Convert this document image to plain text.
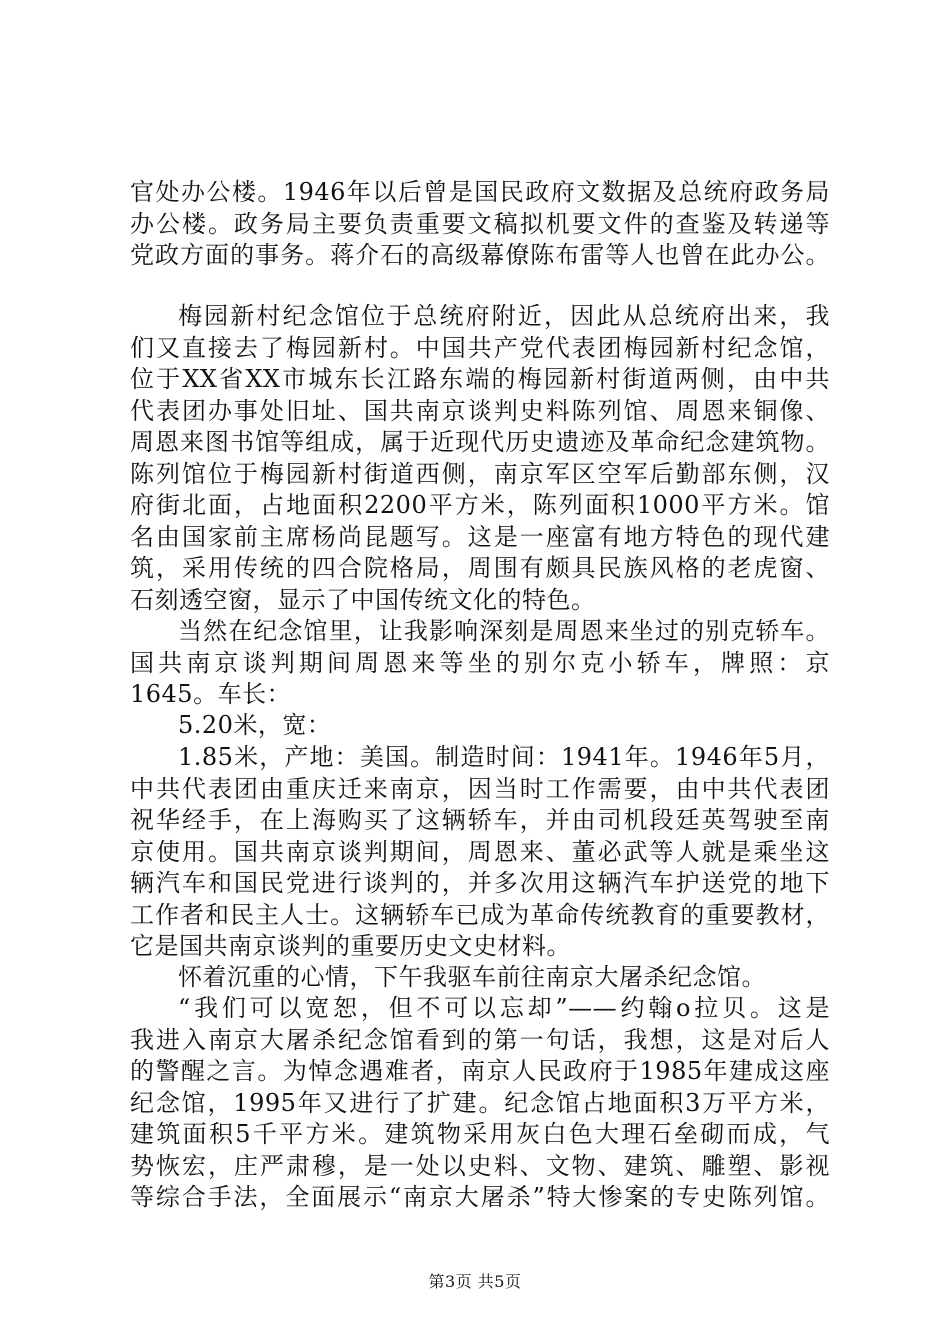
官处办公楼。1946年以后曾是国民政府文数据及总统府政务局
办公楼。政务局主要负责重要文稿拟机要文件的查鉴及转递等
党政方面的事务。蒋介石的高级幕僚陈布雷等人也曾在此办公。
梅园新村纪念馆位于总统府附近，因此从总统府出来，我
们又直接去了梅园新村。中国共产党代表团梅园新村纪念馆，
位于XX省XX市城东长江路东端的梅园新村街道两侧，由中共
代表团办事处旧址、国共南京谈判史料陈列馆、周恩来铜像、
周恩来图书馆等组成，属于近现代历史遗迹及革命纪念建筑物。
陈列馆位于梅园新村街道西侧，南京军区空军后勤部东侧，汉
府街北面，占地面积2200平方米，陈列面积1000平方米。馆
名由国家前主席杨尚昆题写。这是一座富有地方特色的现代建
筑，采用传统的四合院格局，周围有颇具民族风格的老虎窗、
石刻透空窗，显示了中国传统文化的特色。
当然在纪念馆里，让我影响深刻是周恩来坐过的别克轿车。
国共南京谈判期间周恩来等坐的别尔克小轿车，牌照：京
1645。车长：
5.20米，宽：
1.85米，产地：美国。制造时间：1941年。1946年5月，
中共代表团由重庆迁来南京，因当时工作需要，由中共代表团
祝华经手，在上海购买了这辆轿车，并由司机段廷英驾驶至南
京使用。国共南京谈判期间，周恩来、董必武等人就是乘坐这
辆汽车和国民党进行谈判的，并多次用这辆汽车护送党的地下
工作者和民主人士。这辆轿车已成为革命传统教育的重要教材，
它是国共南京谈判的重要历史文史材料。
怀着沉重的心情，下午我驱车前往南京大屠杀纪念馆。
“我们可以宽恕，但不可以忘却”——约翰o拉贝。这是
我进入南京大屠杀纪念馆看到的第一句话，我想，这是对后人
的警醒之言。为悼念遇难者，南京人民政府于1985年建成这座
纪念馆，1995年又进行了扩建。纪念馆占地面积3万平方米，
建筑面积5千平方米。建筑物采用灰白色大理石垒砌而成，气
势恢宏，庄严肃穆，是一处以史料、文物、建筑、雕塑、影视
等综合手法，全面展示“南京大屠杀”特大惨案的专史陈列馆。
第3页 共5页
